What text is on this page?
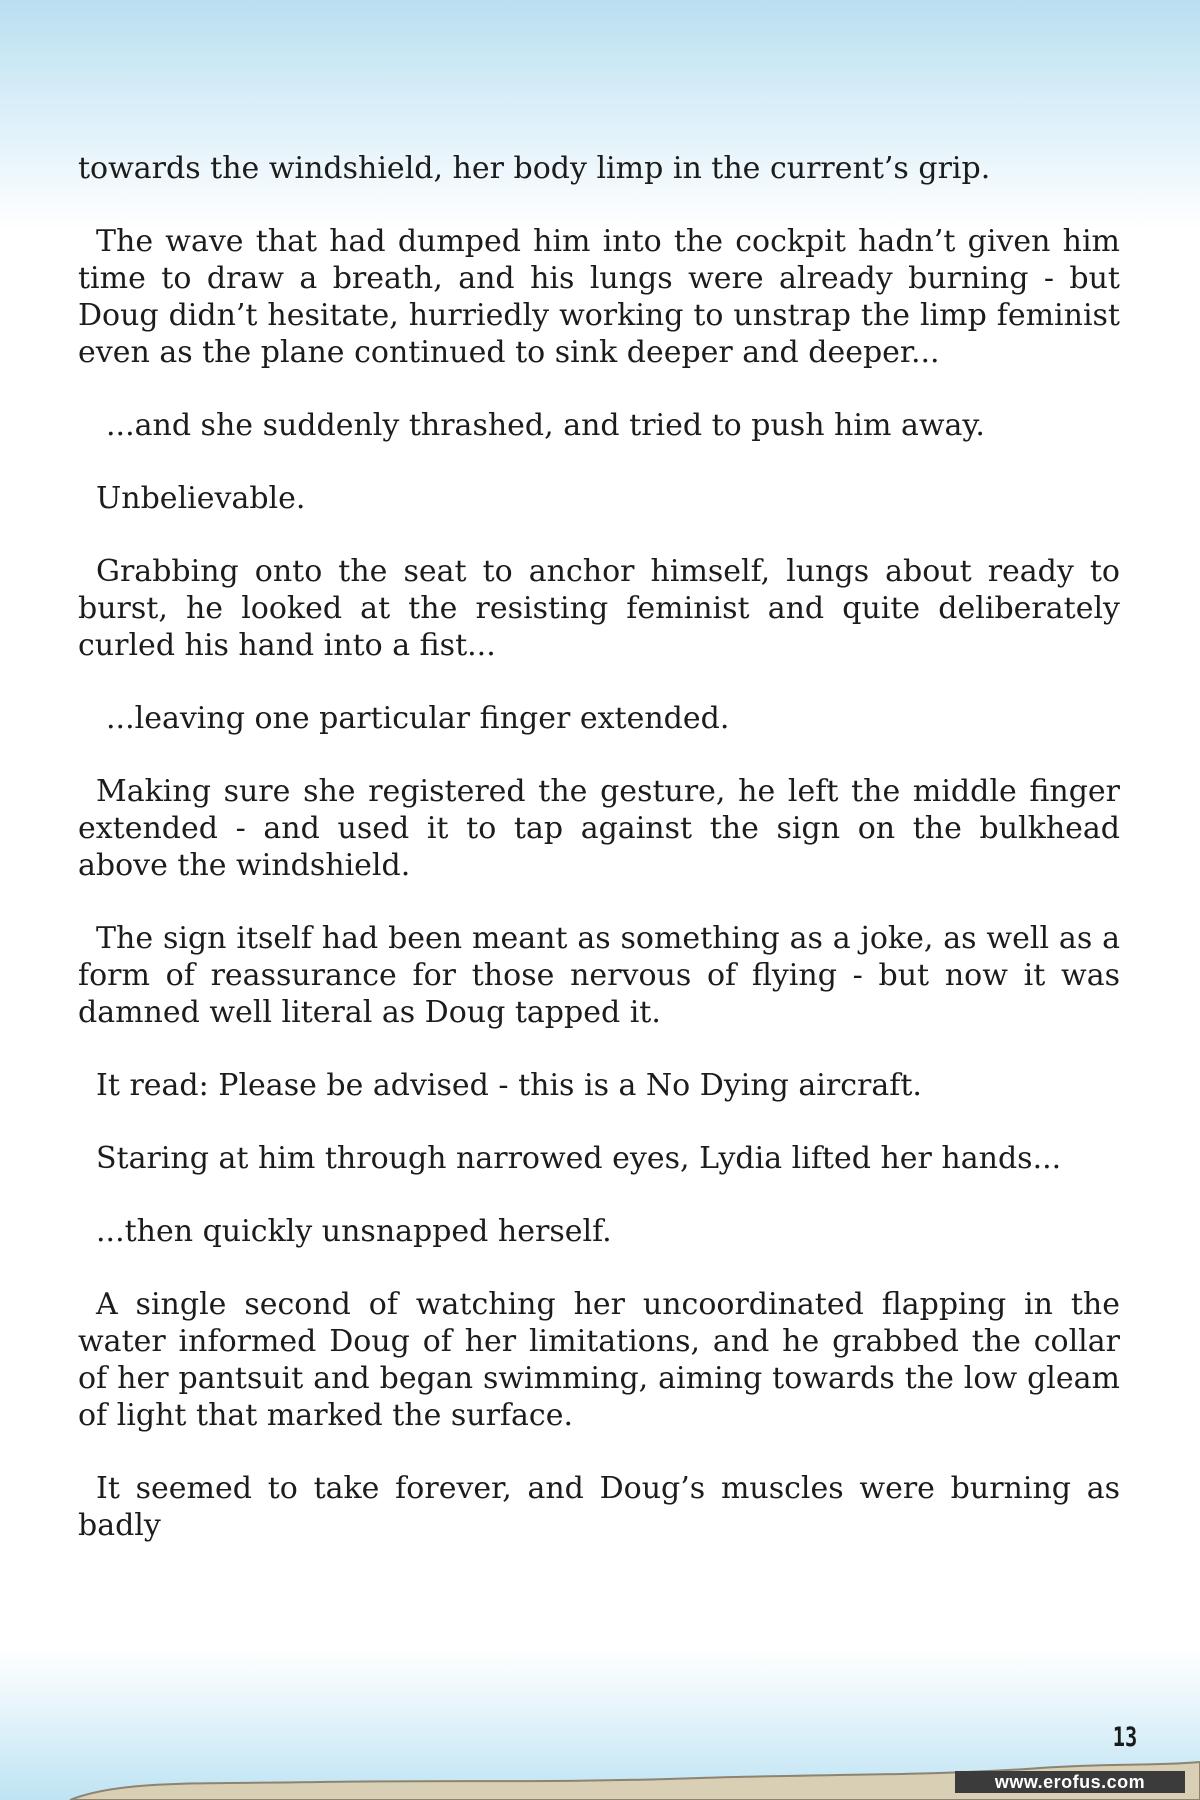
towards the windshield, her body limp in the current’s grip.

The wave that had dumped him into the cockpit hadn’t given him time to draw a breath, and his lungs were already burning - but Doug didn’t hesitate, hurriedly working to unstrap the limp feminist even as the plane continued to sink deeper and deeper...

...and she suddenly thrashed, and tried to push him away.

Unbelievable.

Grabbing onto the seat to anchor himself, lungs about ready to burst, he looked at the resisting feminist and quite deliberately curled his hand into a fist...

...leaving one particular finger extended.

Making sure she registered the gesture, he left the middle finger extended - and used it to tap against the sign on the bulkhead above the windshield.

The sign itself had been meant as something as a joke, as well as a form of reassurance for those nervous of flying - but now it was damned well literal as Doug tapped it.

It read: Please be advised - this is a No Dying aircraft.

Staring at him through narrowed eyes, Lydia lifted her hands...

...then quickly unsnapped herself.

A single second of watching her uncoordinated flapping in the water informed Doug of her limitations, and he grabbed the collar of her pantsuit and began swimming, aiming towards the low gleam of light that marked the surface.

It seemed to take forever, and Doug’s muscles were burning as badly

13
www.erofus.com
